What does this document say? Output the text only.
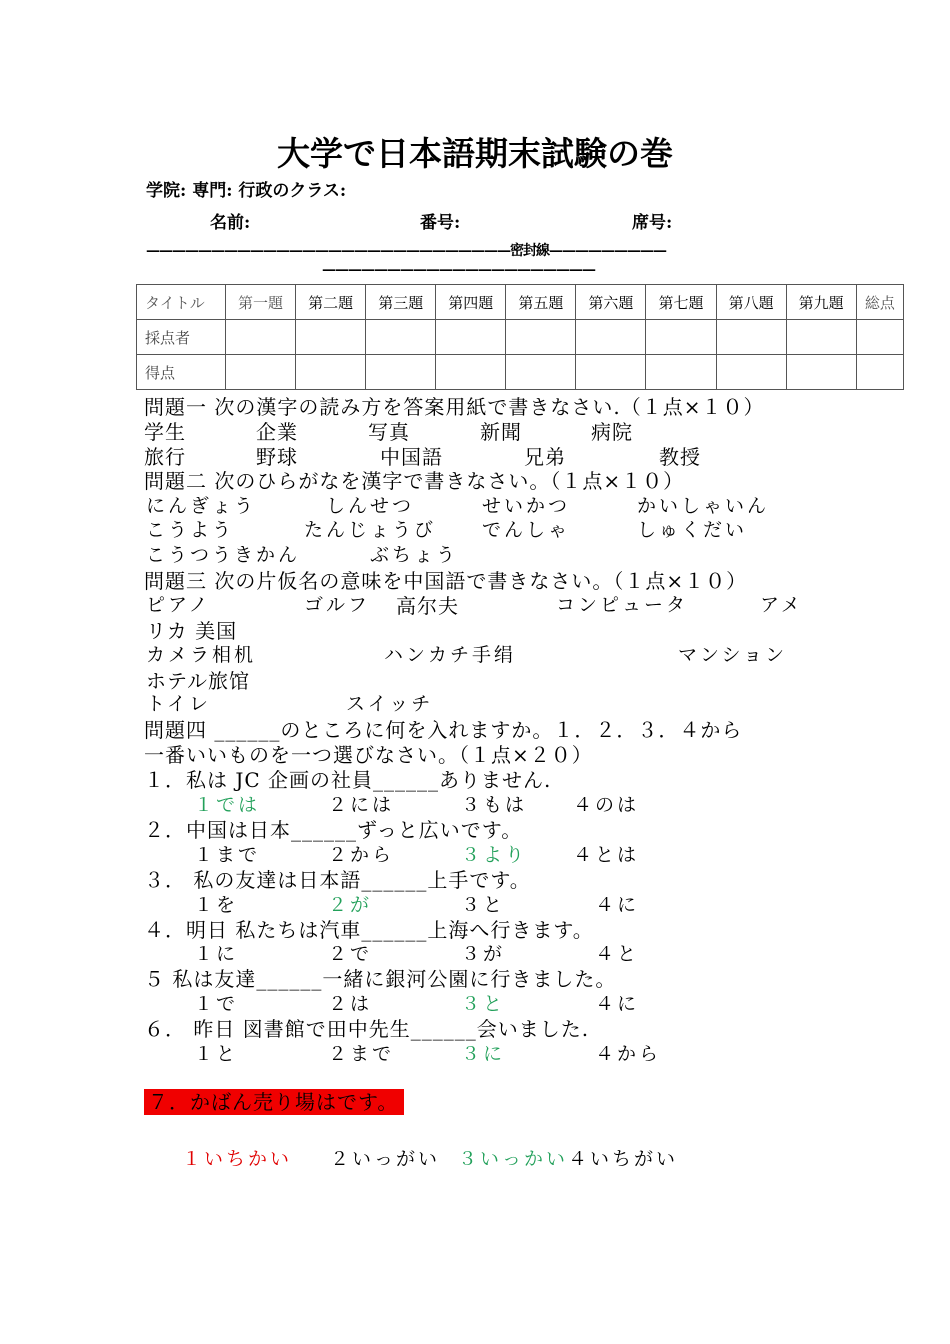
大学で日本語期末試験の巻
学院: 専門: 行政のクラス:
名前:	番号:	席号:
————————————————————————————密封線—————————
—————————————————————
タイトル	第一題	第二題	第三題	第四題	第五題	第六題	第七題	第八題	第九題	総点
採点者										
得点										
問題一 次の漢字の読み方を答案用紙で書きなさい.（１点×１０）
学生	企業	写真	新聞	病院
旅行	野球	中国語	兄弟	教授
問題二 次のひらがなを漢字で書きなさい。（１点×１０）
にんぎょう	しんせつ	せいかつ	かいしゃいん
こうよう	たんじょうび でんしゃ	しゅくだい
こうつうきかん	ぶちょう
問題三 次の片仮名の意味を中国語で書きなさい。（１点×１０）
ピアノ	ゴルフ 高尔夫	コンピュータ	アメ
リカ 美国
カメラ相机	ハンカチ手绢	マンション
ホテル旅馆
トイレ	スイッチ
問題四 ______のところに何を入れますか。１．２．３．４から
一番いいものを一つ選びなさい。（１点×２０）
１．私は JC 企画の社員______ありません.
１では	２には	３もは ４のは
２．中国は日本______ずっと広いです。
１まで	２から	３より ４とは
３． 私の友達は日本語______上手です。
１を	２が	３と	４に
４．明日 私たちは汽車______上海へ行きます。
１に	２で	３が	４と
５ 私は友達______一緒に銀河公園に行きました。
１で	２は	３と	４に
６． 昨日 図書館で田中先生______会いました.
１と	２まで	３に	４から
７．かばん売り場はです。
１いちかい ２いっがい ３いっかい ４いちがい
